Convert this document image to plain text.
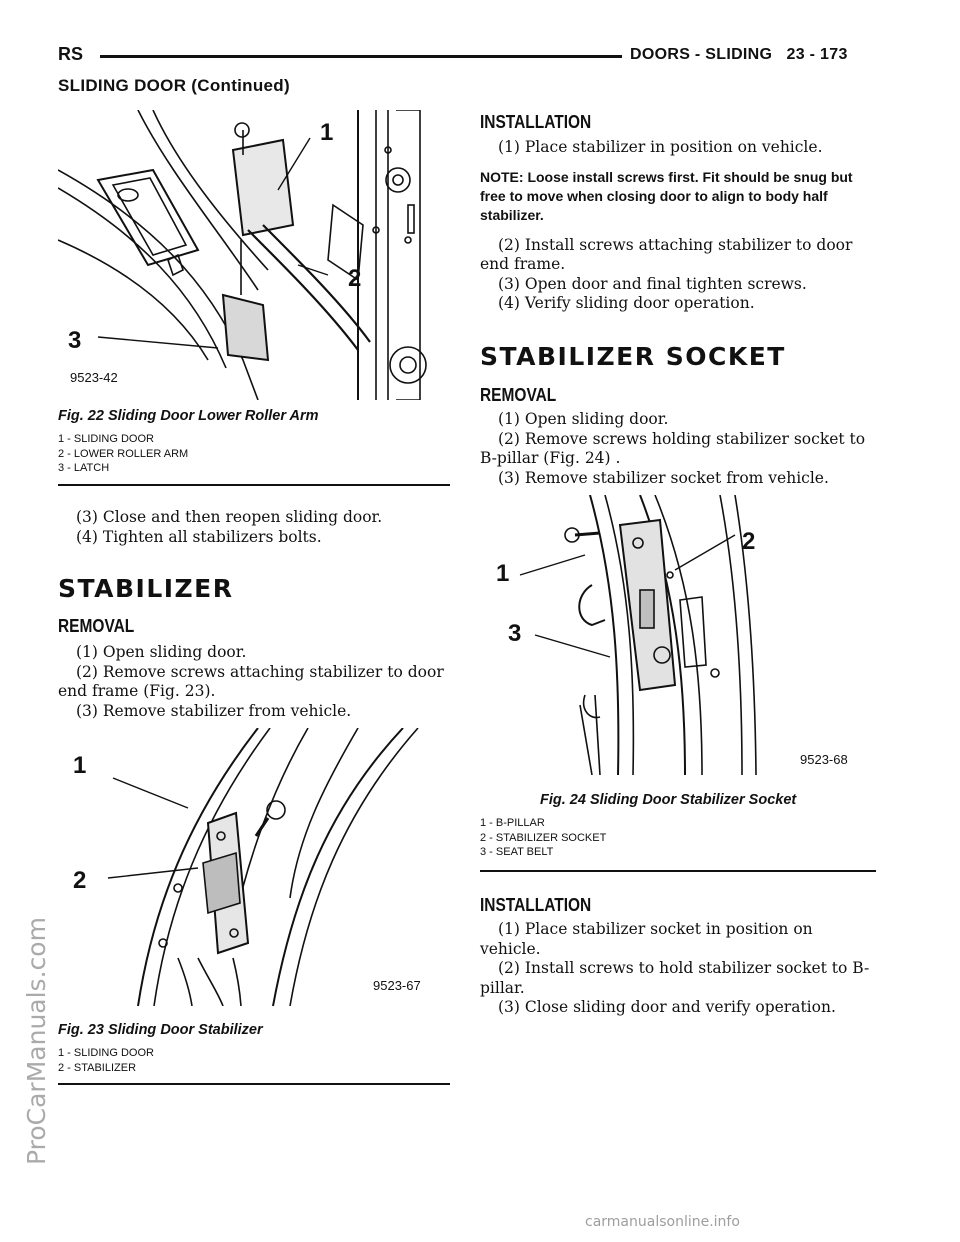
RS	DOORS - SLIDING 23 - 173
SLIDING DOOR (Continued)
1
2
3
9523-42
Fig. 22 Sliding Door Lower Roller Arm
1 - SLIDING DOOR
2 - LOWER ROLLER ARM
3 - LATCH

(3) Close and then reopen sliding door.

(4) Tighten all stabilizers bolts.

STABILIZER
REMOVAL

(1) Open sliding door.

(2) Remove screws attaching stabilizer to door end frame (Fig. 23).

(3) Remove stabilizer from vehicle.

1
2
9523-67
Fig. 23 Sliding Door Stabilizer
1 - SLIDING DOOR
2 - STABILIZER
INSTALLATION

(1) Place stabilizer in position on vehicle.

NOTE: Loose install screws first. Fit should be snug but free to move when closing door to align to body half stabilizer.

(2) Install screws attaching stabilizer to door end frame.

(3) Open door and final tighten screws.

(4) Verify sliding door operation.

STABILIZER SOCKET
REMOVAL

(1) Open sliding door.

(2) Remove screws holding stabilizer socket to B-pillar (Fig. 24) .

(3) Remove stabilizer socket from vehicle.

2
1
3
9523-68
Fig. 24 Sliding Door Stabilizer Socket
1 - B-PILLAR
2 - STABILIZER SOCKET
3 - SEAT BELT
INSTALLATION

(1) Place stabilizer socket in position on vehicle.

(2) Install screws to hold stabilizer socket to B-pillar.

(3) Close sliding door and verify operation.

ProCarManuals.com
carmanualsonline.info
